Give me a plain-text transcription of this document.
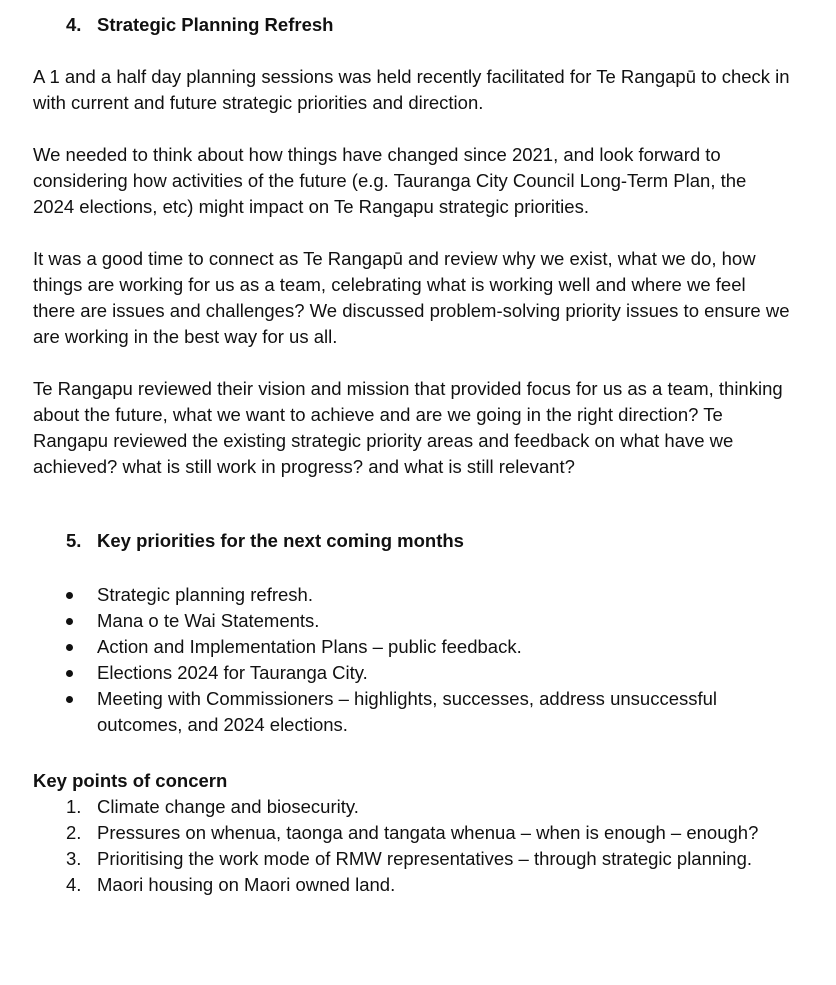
4. Strategic Planning Refresh

A 1 and a half day planning sessions was held recently facilitated for Te Rangapū to check in
with current and future strategic priorities and direction.

We needed to think about how things have changed since 2021, and look forward to
considering how activities of the future (e.g. Tauranga City Council Long-Term Plan, the
2024 elections, etc) might impact on Te Rangapu strategic priorities.

It was a good time to connect as Te Rangapū and review why we exist, what we do, how
things are working for us as a team, celebrating what is working well and where we feel
there are issues and challenges? We discussed problem-solving priority issues to ensure we
are working in the best way for us all.

Te Rangapu reviewed their vision and mission that provided focus for us as a team, thinking
about the future, what we want to achieve and are we going in the right direction? Te
Rangapu reviewed the existing strategic priority areas and feedback on what have we
achieved? what is still work in progress? and what is still relevant?

5. Key priorities for the next coming months
Strategic planning refresh.
Mana o te Wai Statements.
Action and Implementation Plans – public feedback.
Elections 2024 for Tauranga City.
Meeting with Commissioners – highlights, successes, address unsuccessful
outcomes, and 2024 elections.
Key points of concern
1. Climate change and biosecurity.
2. Pressures on whenua, taonga and tangata whenua – when is enough – enough?
3. Prioritising the work mode of RMW representatives – through strategic planning.
4. Maori housing on Maori owned land.
